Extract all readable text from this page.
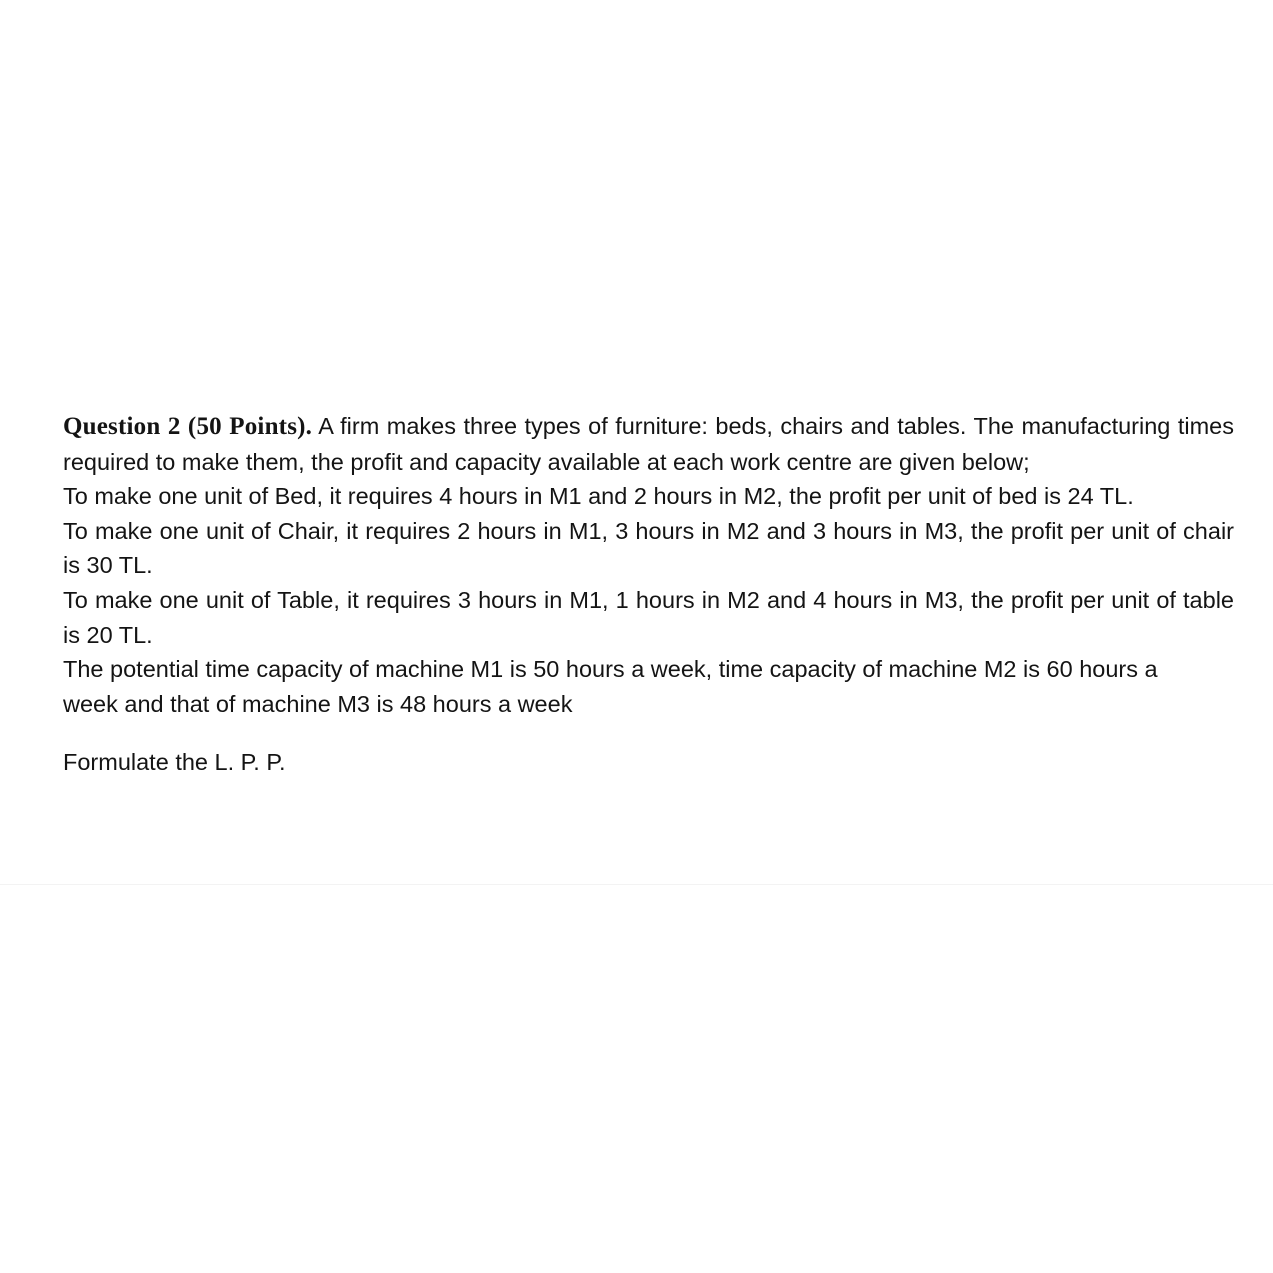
Question 2 (50 Points). A firm makes three types of furniture: beds, chairs and tables. The manufacturing times required to make them, the profit and capacity available at each work centre are given below;

To make one unit of Bed, it requires 4 hours in M1 and 2 hours in M2, the profit per unit of bed is 24 TL.

To make one unit of Chair, it requires 2 hours in M1, 3 hours in M2 and 3 hours in M3, the profit per unit of chair is 30 TL.

To make one unit of Table, it requires 3 hours in M1, 1 hours in M2 and 4 hours in M3, the profit per unit of table is 20 TL.

The potential time capacity of machine M1 is 50 hours a week, time capacity of machine M2 is 60 hours a week and that of machine M3 is 48 hours a week

Formulate the L. P. P.
